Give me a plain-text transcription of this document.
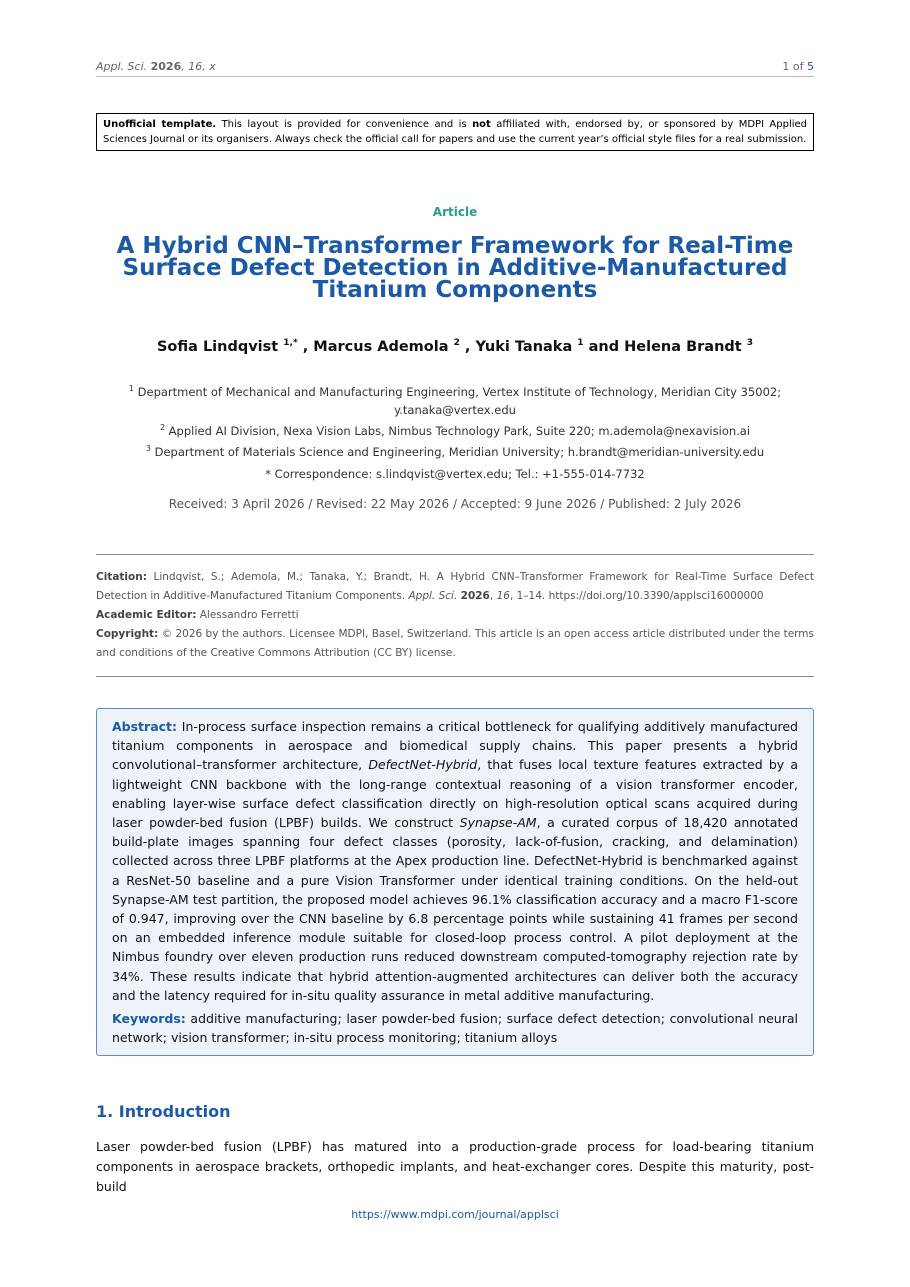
Appl. Sci. 2026, 16, x	1 of 5
Unofficial template. This layout is provided for convenience and is not affiliated with, endorsed by, or sponsored by MDPI Applied Sciences Journal or its organisers. Always check the official call for papers and use the current year’s official style files for a real submission.
Article
A Hybrid CNN–Transformer Framework for Real-Time
Surface Defect Detection in Additive-Manufactured
Titanium Components
Sofia Lindqvist $^{1,*}$ , Marcus Ademola $^2$ , Yuki Tanaka $^1$ and Helena Brandt $^3$
$^1$ Department of Mechanical and Manufacturing Engineering, Vertex Institute of Technology, Meridian City 35002;
y.tanaka@vertex.edu
$^2$ Applied AI Division, Nexa Vision Labs, Nimbus Technology Park, Suite 220; m.ademola@nexavision.ai
$^3$ Department of Materials Science and Engineering, Meridian University; h.brandt@meridian-university.edu
* Correspondence: s.lindqvist@vertex.edu; Tel.: +1-555-014-7732
Received: 3 April 2026 / Revised: 22 May 2026 / Accepted: 9 June 2026 / Published: 2 July 2026

Citation: Lindqvist, S.; Ademola, M.; Tanaka, Y.; Brandt, H. A Hybrid CNN–Transformer Framework for Real-Time Surface Defect Detection in Additive-Manufactured Titanium Components. Appl. Sci. 2026, 16, 1–14. https://doi.org/10.3390/applsci16000000

Academic Editor: Alessandro Ferretti

Copyright: © 2026 by the authors. Licensee MDPI, Basel, Switzerland. This article is an open access article distributed under the terms and conditions of the Creative Commons Attribution (CC BY) license.

Abstract: In-process surface inspection remains a critical bottleneck for qualifying additively manufactured titanium components in aerospace and biomedical supply chains. This paper presents a hybrid convolutional–transformer architecture, DefectNet-Hybrid, that fuses local texture features extracted by a lightweight CNN backbone with the long-range contextual reasoning of a vision transformer encoder, enabling layer-wise surface defect classification directly on high-resolution optical scans acquired during laser powder-bed fusion (LPBF) builds. We construct Synapse-AM, a curated corpus of 18,420 annotated build-plate images spanning four defect classes (porosity, lack-of-fusion, cracking, and delamination) collected across three LPBF platforms at the Apex production line. DefectNet-Hybrid is benchmarked against a ResNet-50 baseline and a pure Vision Transformer under identical training conditions. On the held-out Synapse-AM test partition, the proposed model achieves 96.1% classification accuracy and a macro F1-score of 0.947, improving over the CNN baseline by 6.8 percentage points while sustaining 41 frames per second on an embedded inference module suitable for closed-loop process control. A pilot deployment at the Nimbus foundry over eleven production runs reduced downstream computed-tomography rejection rate by 34%. These results indicate that hybrid attention-augmented architectures can deliver both the accuracy and the latency required for in-situ quality assurance in metal additive manufacturing.

Keywords: additive manufacturing; laser powder-bed fusion; surface defect detection; convolutional neural network; vision transformer; in-situ process monitoring; titanium alloys

1. Introduction
Laser powder-bed fusion (LPBF) has matured into a production-grade process for load-bearing titanium components in aerospace brackets, orthopedic implants, and heat-exchanger cores. Despite this maturity, post-build
https://www.mdpi.com/journal/applsci
